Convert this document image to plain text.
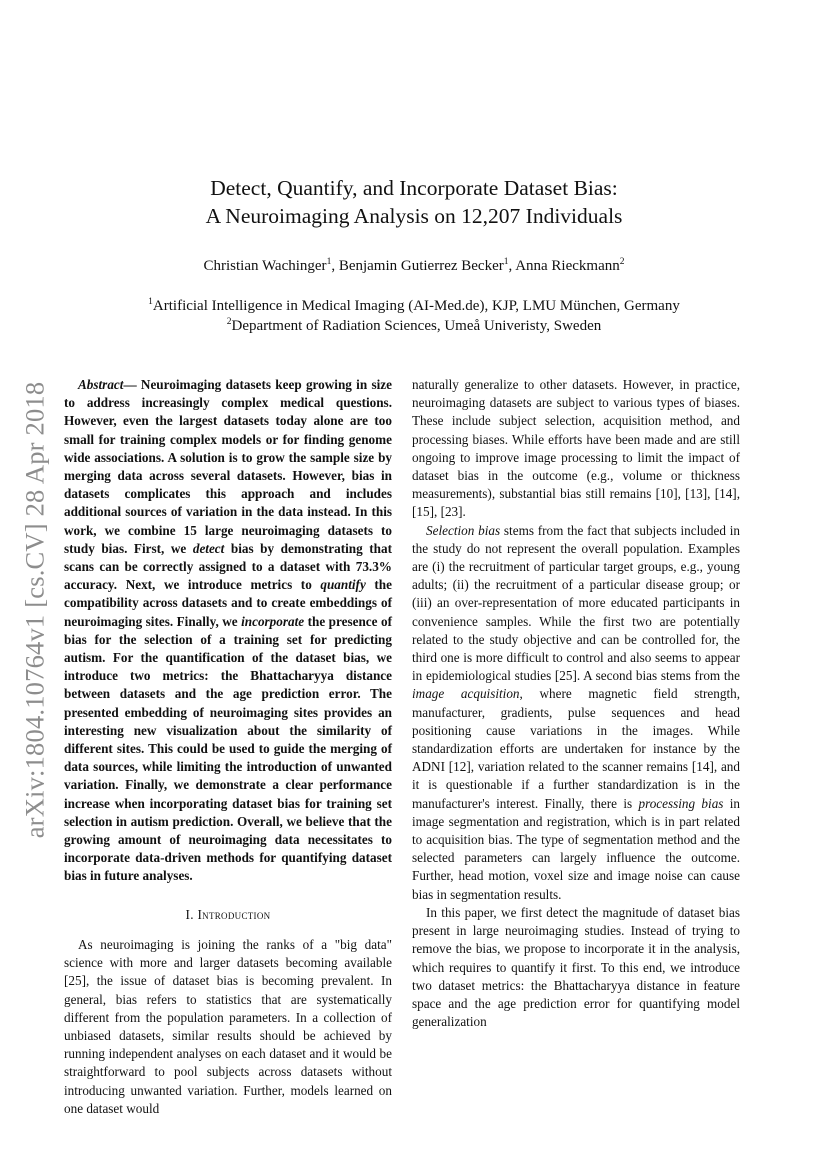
arXiv:1804.10764v1 [cs.CV] 28 Apr 2018
Detect, Quantify, and Incorporate Dataset Bias:
A Neuroimaging Analysis on 12,207 Individuals
Christian Wachinger$^1$, Benjamin Gutierrez Becker$^1$, Anna Rieckmann$^2$
$^1$Artificial Intelligence in Medical Imaging (AI-Med.de), KJP, LMU München, Germany
$^2$Department of Radiation Sciences, Umeå Univeristy, Sweden

Abstract— Neuroimaging datasets keep growing in size to address increasingly complex medical questions. However, even the largest datasets today alone are too small for training complex models or for finding genome wide associations. A solution is to grow the sample size by merging data across several datasets. However, bias in datasets complicates this approach and includes additional sources of variation in the data instead. In this work, we combine 15 large neuroimaging datasets to study bias. First, we detect bias by demonstrating that scans can be correctly assigned to a dataset with 73.3% accuracy. Next, we introduce metrics to quantify the compatibility across datasets and to create embeddings of neuroimaging sites. Finally, we incorporate the presence of bias for the selection of a training set for predicting autism. For the quantification of the dataset bias, we introduce two metrics: the Bhattacharyya distance between datasets and the age prediction error. The presented embedding of neuroimaging sites provides an interesting new visualization about the similarity of different sites. This could be used to guide the merging of data sources, while limiting the introduction of unwanted variation. Finally, we demonstrate a clear performance increase when incorporating dataset bias for training set selection in autism prediction. Overall, we believe that the growing amount of neuroimaging data necessitates to incorporate data-driven methods for quantifying dataset bias in future analyses.

I. Introduction

As neuroimaging is joining the ranks of a "big data" science with more and larger datasets becoming available [25], the issue of dataset bias is becoming prevalent. In general, bias refers to statistics that are systematically different from the population parameters. In a collection of unbiased datasets, similar results should be achieved by running independent analyses on each dataset and it would be straightforward to pool subjects across datasets without introducing unwanted variation. Further, models learned on one dataset would

naturally generalize to other datasets. However, in practice, neuroimaging datasets are subject to various types of biases. These include subject selection, acquisition method, and processing biases. While efforts have been made and are still ongoing to improve image processing to limit the impact of dataset bias in the outcome (e.g., volume or thickness measurements), substantial bias still remains [10], [13], [14], [15], [23].

Selection bias stems from the fact that subjects included in the study do not represent the overall population. Examples are (i) the recruitment of particular target groups, e.g., young adults; (ii) the recruitment of a particular disease group; or (iii) an over-representation of more educated participants in convenience samples. While the first two are potentially related to the study objective and can be controlled for, the third one is more difficult to control and also seems to appear in epidemiological studies [25]. A second bias stems from the image acquisition, where magnetic field strength, manufacturer, gradients, pulse sequences and head positioning cause variations in the images. While standardization efforts are undertaken for instance by the ADNI [12], variation related to the scanner remains [14], and it is questionable if a further standardization is in the manufacturer's interest. Finally, there is processing bias in image segmentation and registration, which is in part related to acquisition bias. The type of segmentation method and the selected parameters can largely influence the outcome. Further, head motion, voxel size and image noise can cause bias in segmentation results.

In this paper, we first detect the magnitude of dataset bias present in large neuroimaging studies. Instead of trying to remove the bias, we propose to incorporate it in the analysis, which requires to quantify it first. To this end, we introduce two dataset metrics: the Bhattacharyya distance in feature space and the age prediction error for quantifying model generalization
